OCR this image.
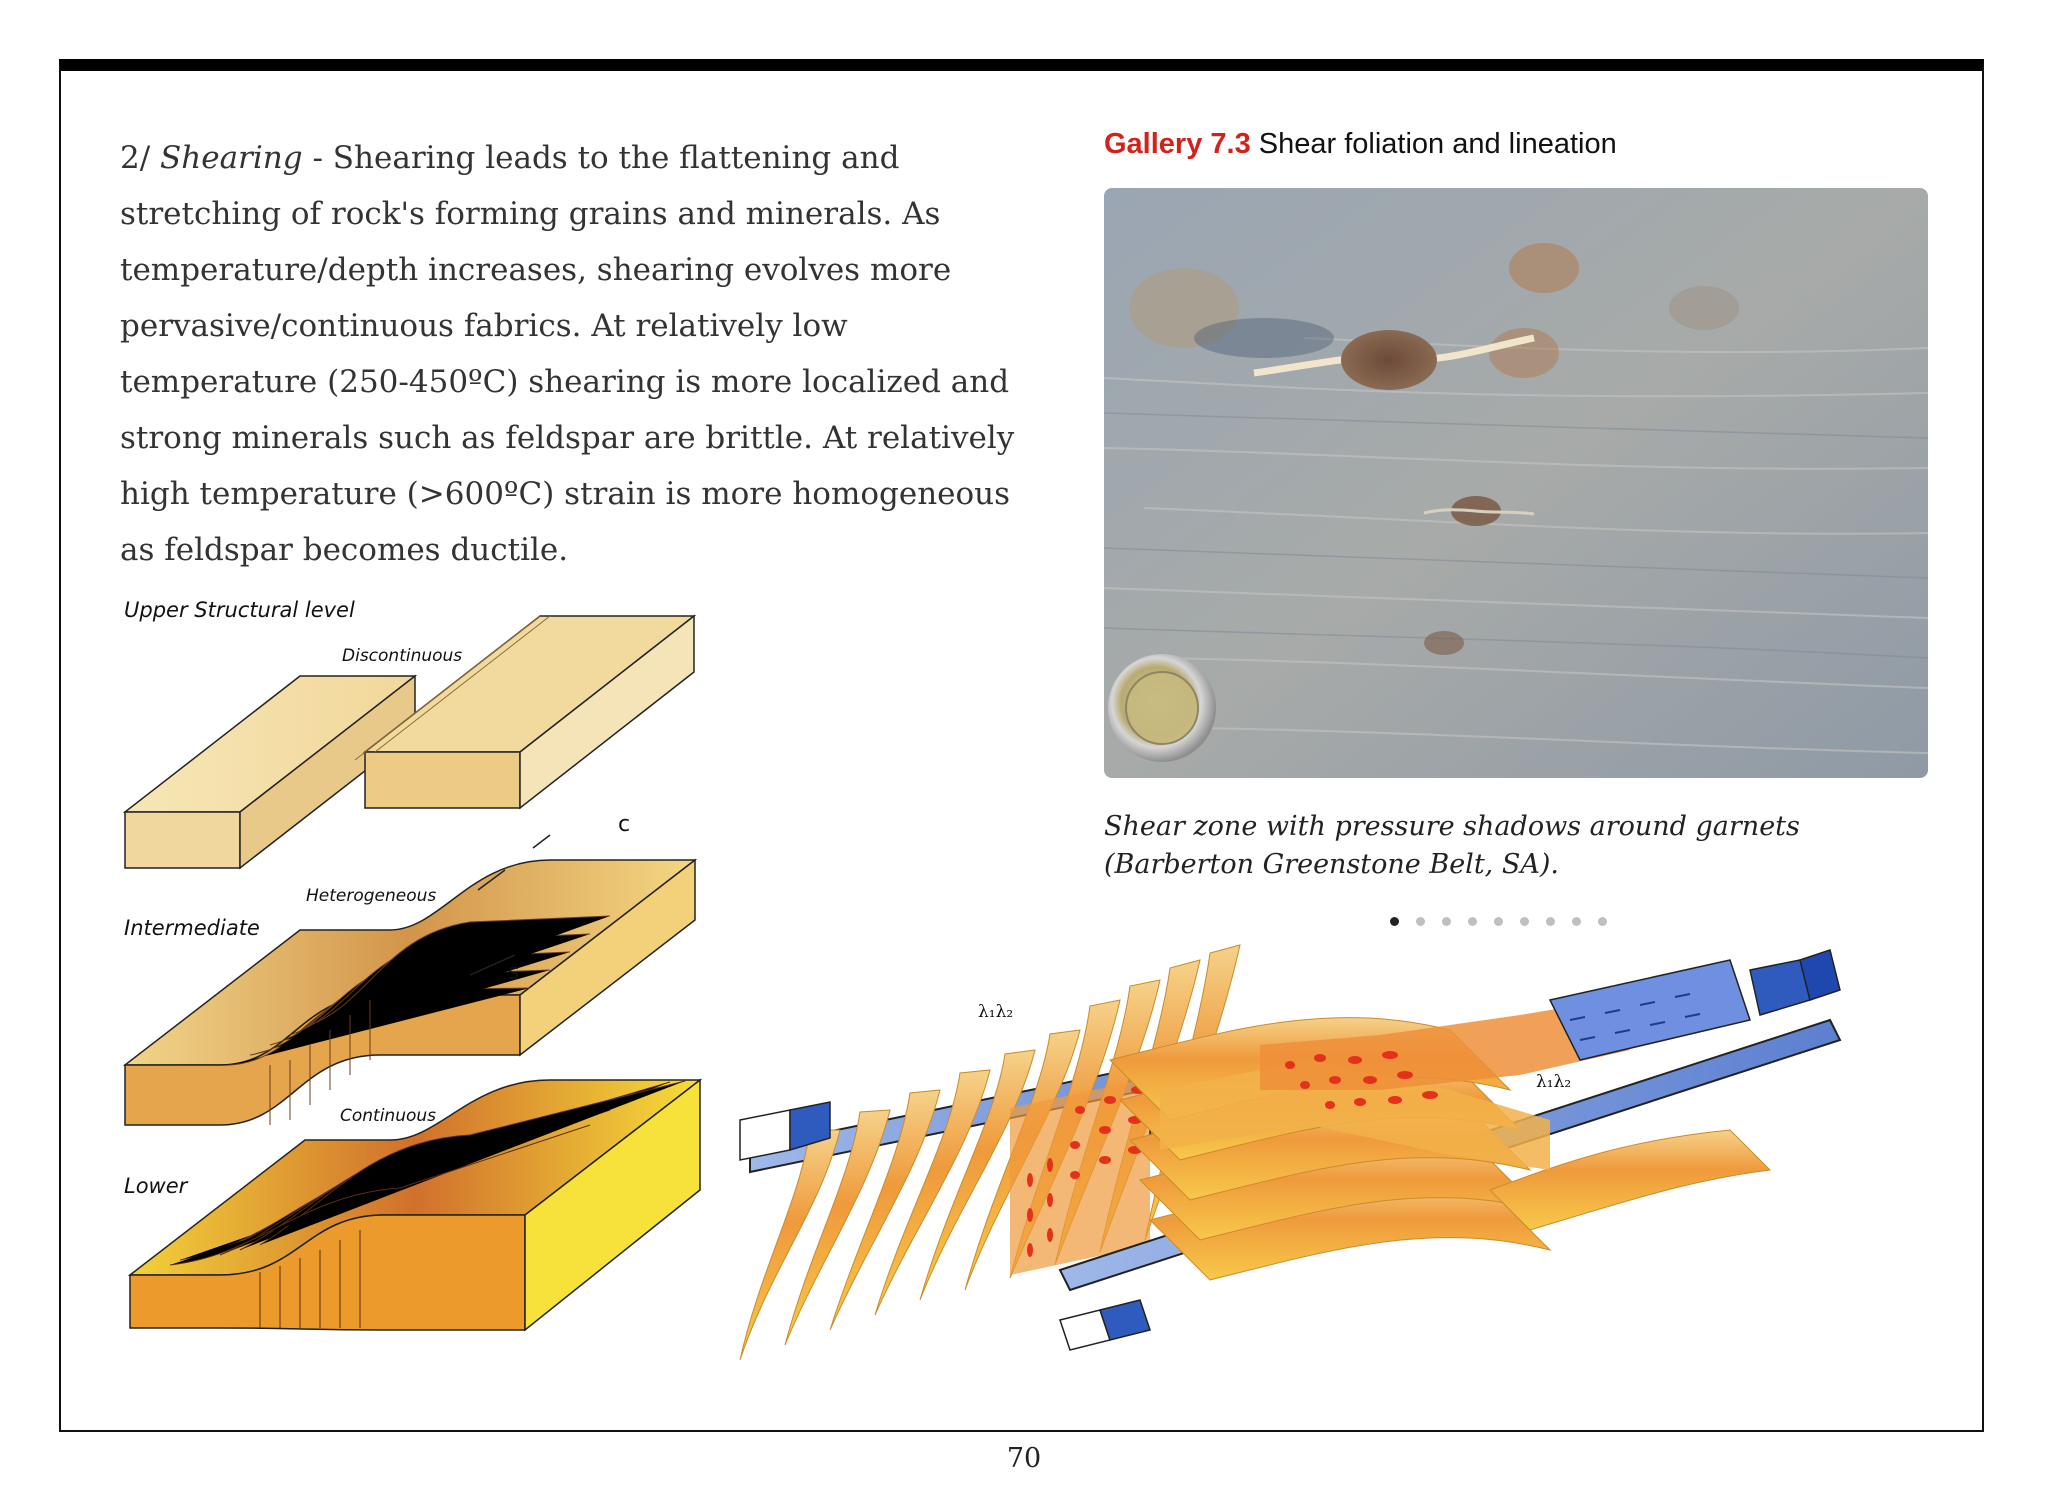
2/ Shearing - Shearing leads to the flattening and stretching of rock's forming grains and minerals. As temperature/depth increases, shearing evolves more pervasive/continuous fabrics. At relatively low temperature (250-450ºC) shearing is more localized and strong minerals such as feldspar are brittle. At relatively high temperature (>600ºC) strain is more homogeneous as feldspar becomes ductile.
Gallery 7.3 Shear foliation and lineation
Shear zone with pressure shadows around garnets (Barberton Greenstone Belt, SA).
Upper Structural level
Discontinuous
c
Heterogeneous
Intermediate
s
Continuous
Lower
λ₁λ₂
λ₁λ₂
70
